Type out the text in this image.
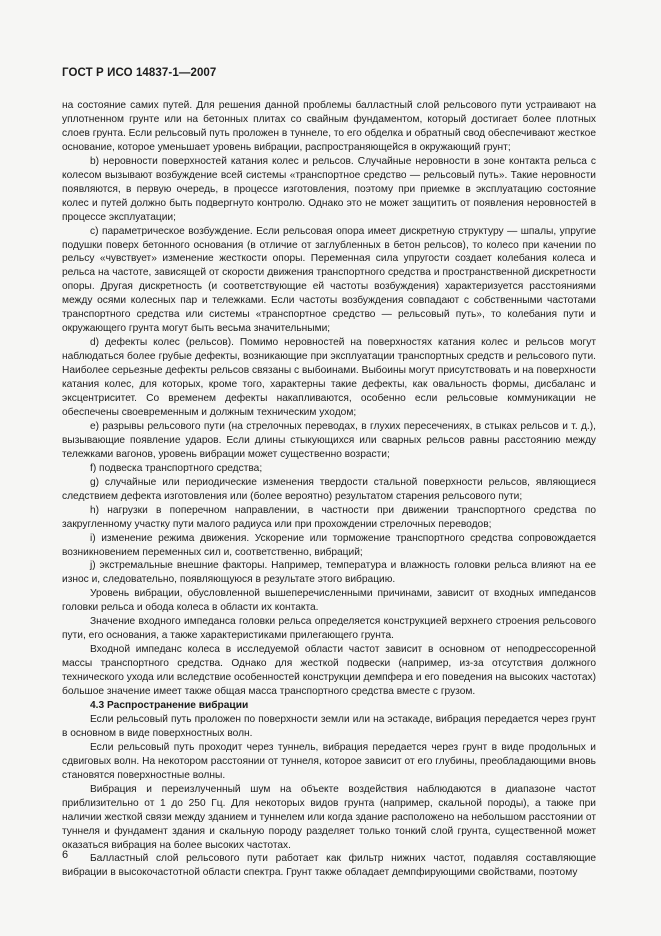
ГОСТ Р ИСО 14837-1—2007

на состояние самих путей. Для решения данной проблемы балластный слой рельсового пути устраивают на уплотненном грунте или на бетонных плитах со свайным фундаментом, который достигает более плотных слоев грунта. Если рельсовый путь проложен в туннеле, то его обделка и обратный свод обеспечивают жесткое основание, которое уменьшает уровень вибрации, распространяющейся в окружающий грунт;

b) неровности поверхностей катания колес и рельсов. Случайные неровности в зоне контакта рельса с колесом вызывают возбуждение всей системы «транспортное средство — рельсовый путь». Такие неровности появляются, в первую очередь, в процессе изготовления, поэтому при приемке в эксплуатацию состояние колес и путей должно быть подвергнуто контролю. Однако это не может защитить от появления неровностей в процессе эксплуатации;

c) параметрическое возбуждение. Если рельсовая опора имеет дискретную структуру — шпалы, упругие подушки поверх бетонного основания (в отличие от заглубленных в бетон рельсов), то колесо при качении по рельсу «чувствует» изменение жесткости опоры. Переменная сила упругости создает колебания колеса и рельса на частоте, зависящей от скорости движения транспортного средства и пространственной дискретности опоры. Другая дискретность (и соответствующие ей частоты возбуждения) характеризуется расстояниями между осями колесных пар и тележками. Если частоты возбуждения совпадают с собственными частотами транспортного средства или системы «транспортное средство — рельсовый путь», то колебания пути и окружающего грунта могут быть весьма значительными;

d) дефекты колес (рельсов). Помимо неровностей на поверхностях катания колес и рельсов могут наблюдаться более грубые дефекты, возникающие при эксплуатации транспортных средств и рельсового пути. Наиболее серьезные дефекты рельсов связаны с выбоинами. Выбоины могут присутствовать и на поверхности катания колес, для которых, кроме того, характерны такие дефекты, как овальность формы, дисбаланс и эксцентриситет. Со временем дефекты накапливаются, особенно если рельсовые коммуникации не обеспечены своевременным и должным техническим уходом;

e) разрывы рельсового пути (на стрелочных переводах, в глухих пересечениях, в стыках рельсов и т. д.), вызывающие появление ударов. Если длины стыкующихся или сварных рельсов равны расстоянию между тележками вагонов, уровень вибрации может существенно возрасти;

f) подвеска транспортного средства;

g) случайные или периодические изменения твердости стальной поверхности рельсов, являющиеся следствием дефекта изготовления или (более вероятно) результатом старения рельсового пути;

h) нагрузки в поперечном направлении, в частности при движении транспортного средства по закругленному участку пути малого радиуса или при прохождении стрелочных переводов;

i) изменение режима движения. Ускорение или торможение транспортного средства сопровождается возникновением переменных сил и, соответственно, вибраций;

j) экстремальные внешние факторы. Например, температура и влажность головки рельса влияют на ее износ и, следовательно, появляющуюся в результате этого вибрацию.

Уровень вибрации, обусловленной вышеперечисленными причинами, зависит от входных импедансов головки рельса и обода колеса в области их контакта.

Значение входного импеданса головки рельса определяется конструкцией верхнего строения рельсового пути, его основания, а также характеристиками прилегающего грунта.

Входной импеданс колеса в исследуемой области частот зависит в основном от неподрессоренной массы транспортного средства. Однако для жесткой подвески (например, из-за отсутствия должного технического ухода или вследствие особенностей конструкции демпфера и его поведения на высоких частотах) большое значение имеет также общая масса транспортного средства вместе с грузом.

4.3 Распространение вибрации

Если рельсовый путь проложен по поверхности земли или на эстакаде, вибрация передается через грунт в основном в виде поверхностных волн.

Если рельсовый путь проходит через туннель, вибрация передается через грунт в виде продольных и сдвиговых волн. На некотором расстоянии от туннеля, которое зависит от его глубины, преобладающими вновь становятся поверхностные волны.

Вибрация и переизлученный шум на объекте воздействия наблюдаются в диапазоне частот приблизительно от 1 до 250 Гц. Для некоторых видов грунта (например, скальной породы), а также при наличии жесткой связи между зданием и туннелем или когда здание расположено на небольшом расстоянии от туннеля и фундамент здания и скальную породу разделяет только тонкий слой грунта, существенной может оказаться вибрация на более высоких частотах.

Балластный слой рельсового пути работает как фильтр нижних частот, подавляя составляющие вибрации в высокочастотной области спектра. Грунт также обладает демпфирующими свойствами, поэтому

6
